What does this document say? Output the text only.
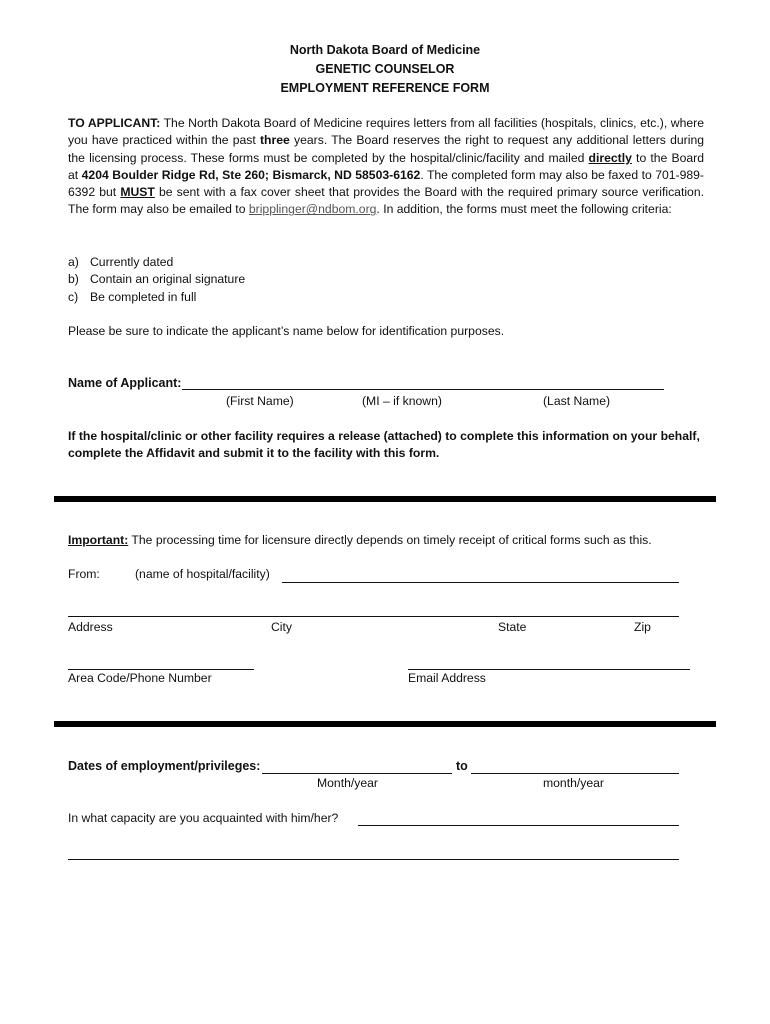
North Dakota Board of Medicine
GENETIC COUNSELOR
EMPLOYMENT REFERENCE FORM
TO APPLICANT: The North Dakota Board of Medicine requires letters from all facilities (hospitals, clinics, etc.), where you have practiced within the past three years. The Board reserves the right to request any additional letters during the licensing process. These forms must be completed by the hospital/clinic/facility and mailed directly to the Board at 4204 Boulder Ridge Rd, Ste 260; Bismarck, ND 58503-6162. The completed form may also be faxed to 701-989-6392 but MUST be sent with a fax cover sheet that provides the Board with the required primary source verification. The form may also be emailed to bripplinger@ndbom.org. In addition, the forms must meet the following criteria:
a) Currently dated
b) Contain an original signature
c) Be completed in full
Please be sure to indicate the applicant’s name below for identification purposes.
Name of Applicant:
(First Name)	(MI – if known)	(Last Name)
If the hospital/clinic or other facility requires a release (attached) to complete this information on your behalf, complete the Affidavit and submit it to the facility with this form.
Important: The processing time for licensure directly depends on timely receipt of critical forms such as this.
From:	(name of hospital/facility)
Address	City	State	Zip
Area Code/Phone Number	Email Address
Dates of employment/privileges:	to
Month/year	month/year
In what capacity are you acquainted with him/her?
